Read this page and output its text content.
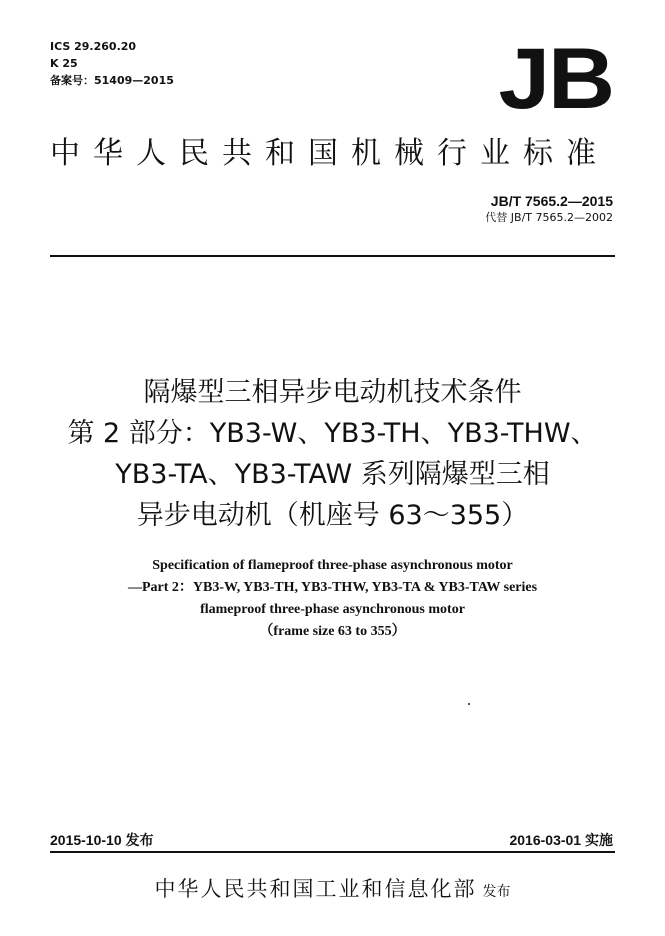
ICS 29.260.20
K 25
备案号：51409—2015	JB
中华人民共和国机械行业标准
JB/T 7565.2—2015
代替 JB/T 7565.2—2002
隔爆型三相异步电动机技术条件
第 2 部分：YB3-W、YB3-TH、YB3-THW、
YB3-TA、YB3-TAW 系列隔爆型三相
异步电动机（机座号 63～355）
Specification of flameproof three-phase asynchronous motor
—Part 2：YB3-W, YB3-TH, YB3-THW, YB3-TA & YB3-TAW series
flameproof three-phase asynchronous motor
（frame size 63 to 355）
2015-10-10 发布	2016-03-01 实施
中华人民共和国工业和信息化部 发布
